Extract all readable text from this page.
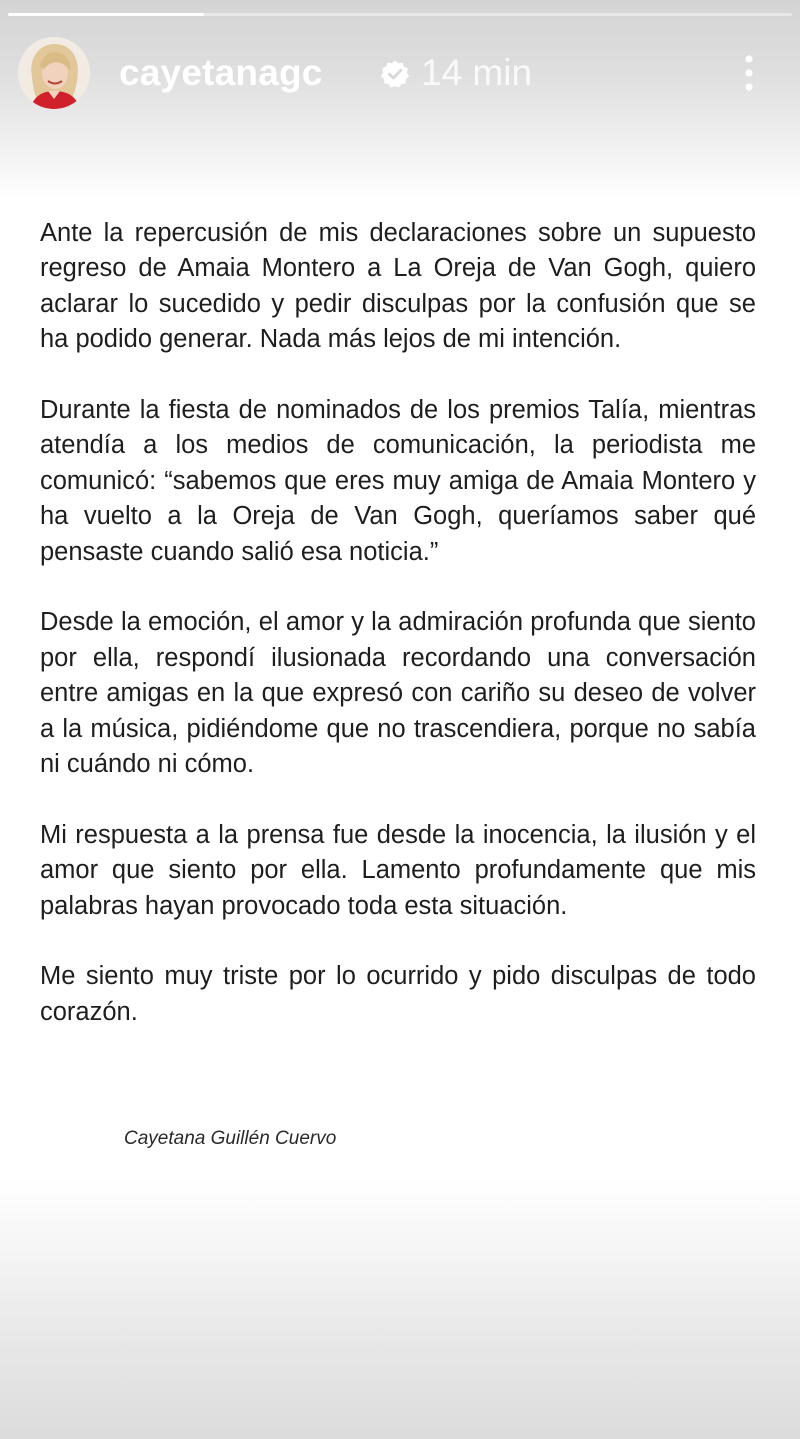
cayetanagc	14 min

Ante la repercusión de mis declaraciones sobre un supuesto regreso de Amaia Montero a La Oreja de Van Gogh, quiero aclarar lo sucedido y pedir disculpas por la confusión que se ha podido generar. Nada más lejos de mi intención.

Durante la fiesta de nominados de los premios Talía, mientras atendía a los medios de comunicación, la periodista me comunicó: “sabemos que eres muy amiga de Amaia Montero y ha vuelto a la Oreja de Van Gogh, queríamos saber qué pensaste cuando salió esa noticia.”

Desde la emoción, el amor y la admiración profunda que siento por ella, respondí ilusionada recordando una conversación entre amigas en la que expresó con cariño su deseo de volver a la música, pidiéndome que no trascendiera, porque no sabía ni cuándo ni cómo.

Mi respuesta a la prensa fue desde la inocencia, la ilusión y el amor que siento por ella. Lamento profundamente que mis palabras hayan provocado toda esta situación.

Me siento muy triste por lo ocurrido y pido disculpas de todo corazón.

Cayetana Guillén Cuervo
